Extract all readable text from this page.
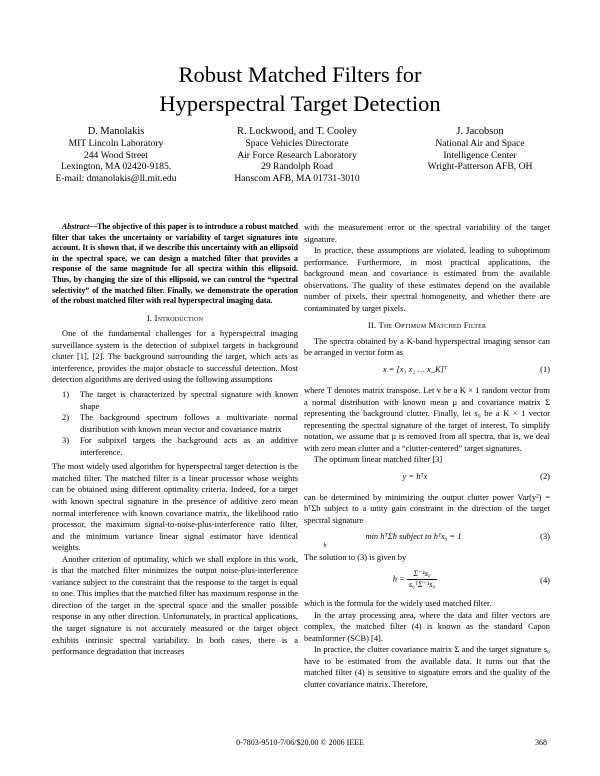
Robust Matched Filters for
Hyperspectral Target Detection
D. Manolakis
MIT Lincoln Laboratory
244 Wood Street
Lexington, MA 02420-9185.
E-mail: dmanolakis@ll.mit.edu
R. Lockwood, and T. Cooley
Space Vehicles Directorate
Air Force Research Laboratory
29 Randolph Road
Hanscom AFB, MA 01731-3010
J. Jacobson
National Air and Space
Intelligence Center
Wright-Patterson AFB, OH

Abstract—The objective of this paper is to introduce a robust matched filter that takes the uncertainty or variability of target signatures into account. It is shown that, if we describe this uncertainty with an ellipsoid in the spectral space, we can design a matched filter that provides a response of the same magnitude for all spectra within this ellipsoid. Thus, by changing the size of this ellipsoid, we can control the “spectral selectivity” of the matched filter. Finally, we demonstrate the operation of the robust matched filter with real hyperspectral imaging data.

I. Introduction

One of the fundamental challenges for a hyperspectral imaging surveillance system is the detection of subpixel targets in background clutter [1], [2]. The background surrounding the target, which acts as interference, provides the major obstacle to successful detection. Most detection algorithms are derived using the following assumptions

1) The target is characterized by spectral signature with known shape
2) The background spectrum follows a multivariate normal distribution with known mean vector and covariance matrix
3) For subpixel targets the background acts as an additive interference.

The most widely used algorithm for hyperspectral target detection is the matched filter. The matched filter is a linear processor whose weights can be obtained using different optimality criteria. Indeed, for a target with known spectral signature in the presence of additive zero mean normal interference with known covariance matrix, the likelihood ratio processor, the maximum signal-to-noise-plus-interference ratio filter, and the minimum variance linear signal estimator have identical weights.

Another criterion of optimality, which we shall explore in this work, is that the matched filter minimizes the output noise-plus-interference variance subject to the constraint that the response to the target is equal to one. This implies that the matched filter has maximum response in the direction of the target in the spectral space and the smaller possible response in any other direction. Unfortunately, in practical applications, the target signature is not accurately measured or the target object exhibits intrinsic spectral variability. In both cases, there is a performance degradation that increases

with the measurement error or the spectral variability of the target signature.

In practice, these assumptions are violated, leading to suboptimum performance. Furthermore, in most practical applications, the background mean and covariance is estimated from the available observations. The quality of these estimates depend on the available number of pixels, their spectral homogeneity, and whether there are contaminated by target pixels.

II. The Optimum Matched Filter

The spectra obtained by a K-band hyperspectral imaging sensor can be arranged in vector form as

x = [x₁ x₂ … x_K]ᵀ	(1)

where T denotes matrix transpose. Let v be a K × 1 random vector from a normal distribution with known mean μ and covariance matrix Σ representing the background clutter. Finally, let s₀ be a K × 1 vector representing the spectral signature of the target of interest. To simplify notation, we assume that μ is removed from all spectra, that is, we deal with zero mean clutter and a “clutter-centered” target signatures.

The optimum linear matched filter [3]

y = hᵀx	(2)

can be determined by minimizing the output clutter power Var(y²) = hᵀΣh subject to a unity gain constraint in the direction of the target spectral signature

min hᵀΣh subject to hᵀs₀ = $1_h$
(3)

The solution to (3) is given by

$h = \frac{\text{Σ⁻¹s₀}}{\text{s₀ᵀΣ⁻¹s₀}}$	(4)

which is the formula for the widely used matched filter.

In the array processing area, where the data and filter vectors are complex, the matched filter (4) is known as the standard Capon beamformer (SCB) [4].

In practice, the clutter covariance matrix Σ and the target signature s₀ have to be estimated from the available data. It turns out that the matched filter (4) is sensitive to signature errors and the quality of the clutter covariance matrix. Therefore,

0-7803-9510-7/06/$20.00 © 2006 IEEE	368
